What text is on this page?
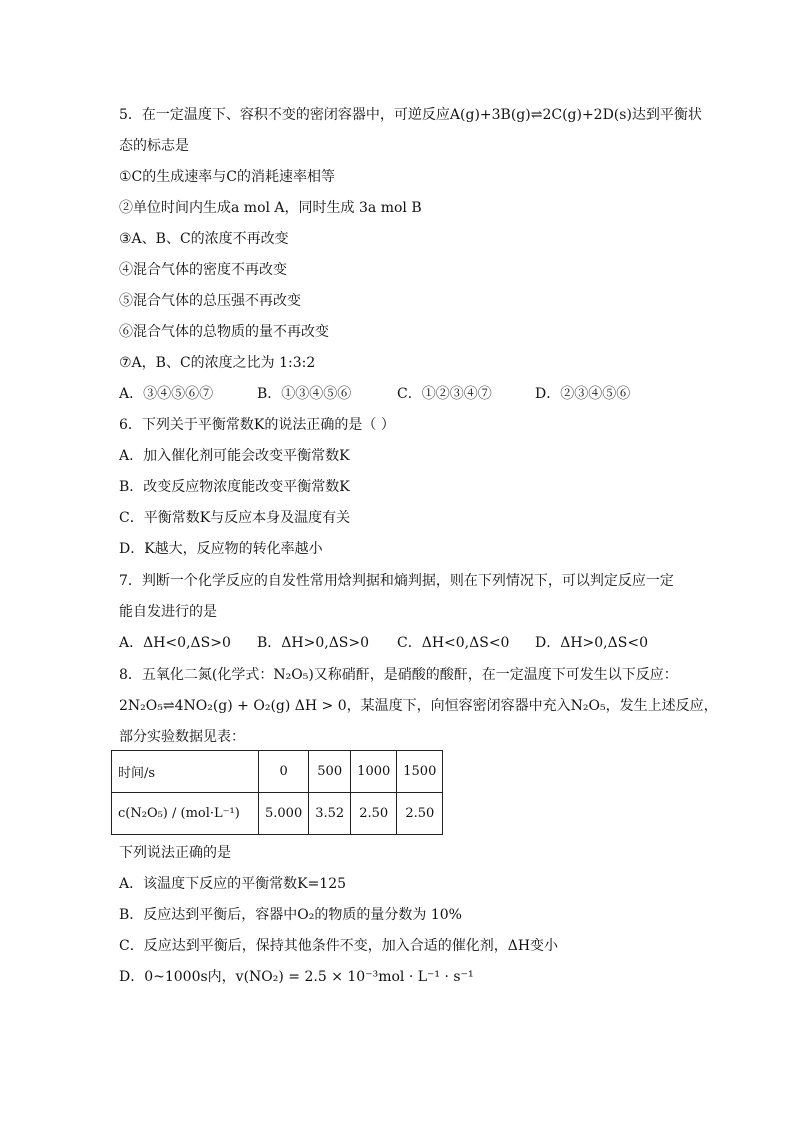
5．在一定温度下、容积不变的密闭容器中，可逆反应A(g)+3B(g)⇌2C(g)+2D(s)达到平衡状
态的标志是
①C的生成速率与C的消耗速率相等
②单位时间内生成a mol A，同时生成 3a mol B
③A、B、C的浓度不再改变
④混合气体的密度不再改变
⑤混合气体的总压强不再改变
⑥混合气体的总物质的量不再改变
⑦A，B、C的浓度之比为 1:3:2
A．③④⑤⑥⑦	B．①③④⑤⑥	C．①②③④⑦	D．②③④⑤⑥
6．下列关于平衡常数K的说法正确的是（ ）
A．加入催化剂可能会改变平衡常数K
B．改变反应物浓度能改变平衡常数K
C．平衡常数K与反应本身及温度有关
D．K越大，反应物的转化率越小
7．判断一个化学反应的自发性常用焓判据和熵判据，则在下列情况下，可以判定反应一定
能自发进行的是
A．ΔH<0,ΔS>0 B．ΔH>0,ΔS>0 C．ΔH<0,ΔS<0 D．ΔH>0,ΔS<0
8．五氧化二氮(化学式：N₂O₅)又称硝酐，是硝酸的酸酐，在一定温度下可发生以下反应：
2N₂O₅⇌4NO₂(g) + O₂(g) ΔH > 0，某温度下，向恒容密闭容器中充入N₂O₅，发生上述反应，
部分实验数据见表：
时间/s	0	500	1000	1500
c(N₂O₅) / (mol·L⁻¹)	5.000	3.52	2.50	2.50
下列说法正确的是
A．该温度下反应的平衡常数K=125
B．反应达到平衡后，容器中O₂的物质的量分数为 10%
C．反应达到平衡后，保持其他条件不变，加入合适的催化剂，ΔH变小
D．0~1000s内，v(NO₂) = 2.5 × 10⁻³mol · L⁻¹ · s⁻¹
